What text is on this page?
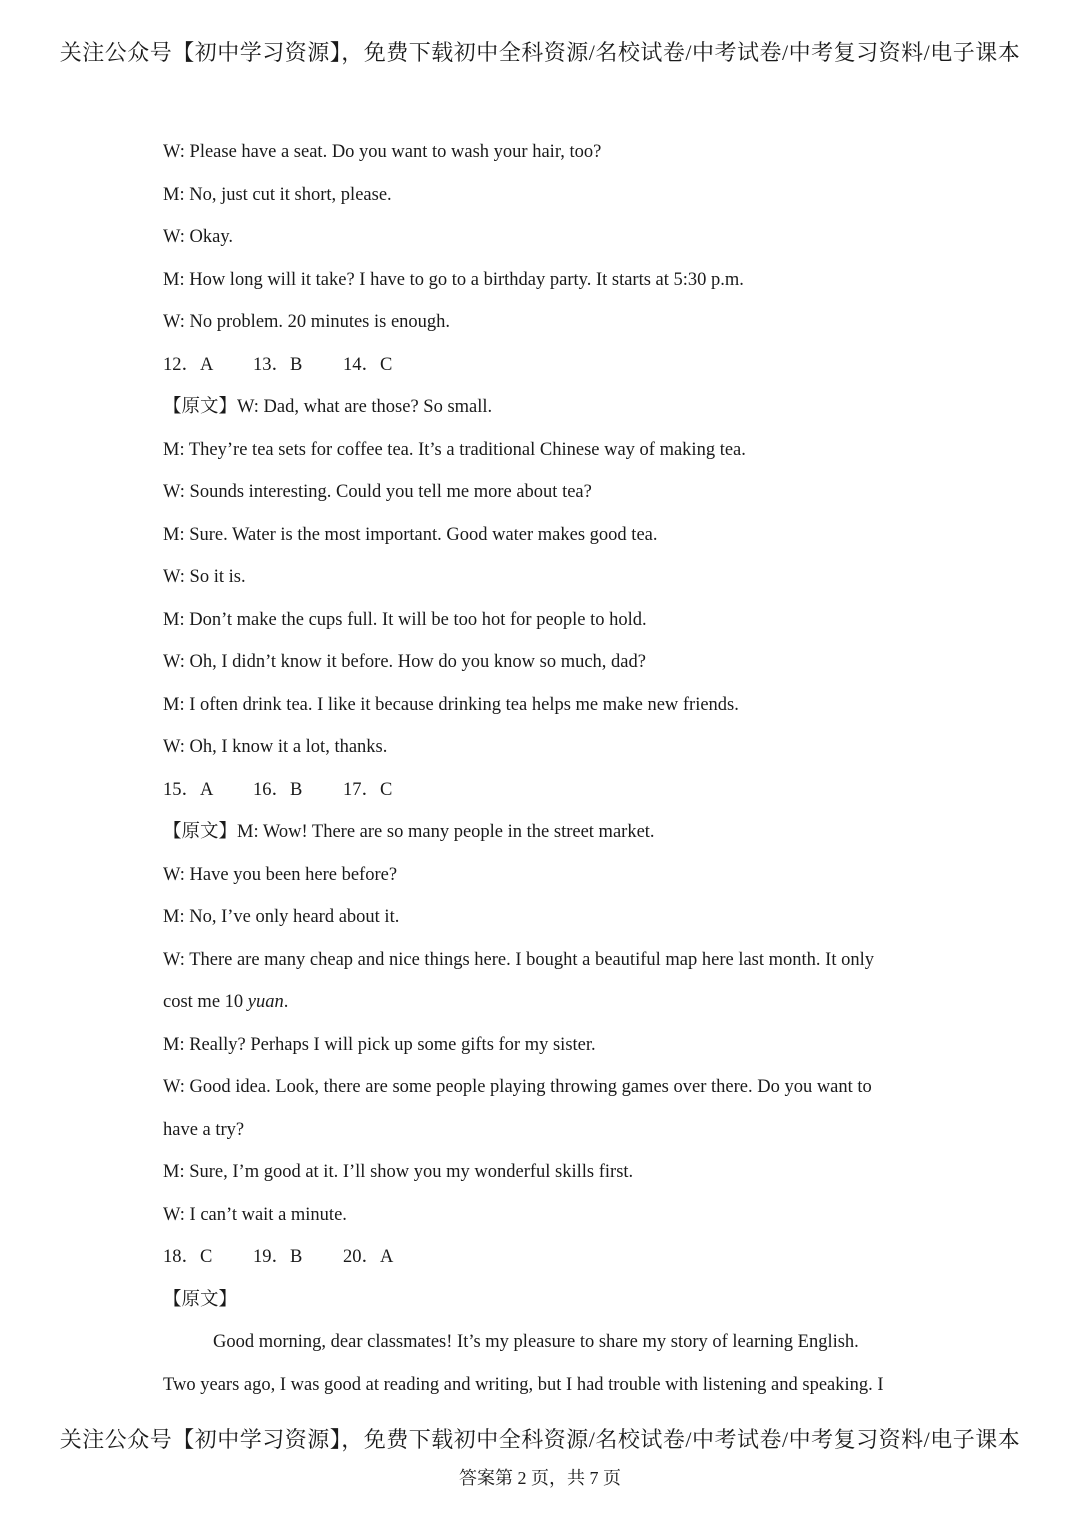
关注公众号【初中学习资源】，免费下载初中全科资源/名校试卷/中考试卷/中考复习资料/电子课本
W: Please have a seat. Do you want to wash your hair, too?
M: No, just cut it short, please.
W: Okay.
M: How long will it take? I have to go to a birthday party. It starts at 5:30 p.m.
W: No problem. 20 minutes is enough.
12．A 13．B 14．C
【原文】W: Dad, what are those? So small.
M: They’re tea sets for coffee tea. It’s a traditional Chinese way of making tea.
W: Sounds interesting. Could you tell me more about tea?
M: Sure. Water is the most important. Good water makes good tea.
W: So it is.
M: Don’t make the cups full. It will be too hot for people to hold.
W: Oh, I didn’t know it before. How do you know so much, dad?
M: I often drink tea. I like it because drinking tea helps me make new friends.
W: Oh, I know it a lot, thanks.
15．A 16．B 17．C
【原文】M: Wow! There are so many people in the street market.
W: Have you been here before?
M: No, I’ve only heard about it.
W: There are many cheap and nice things here. I bought a beautiful map here last month. It only
cost me 10 yuan.
M: Really? Perhaps I will pick up some gifts for my sister.
W: Good idea. Look, there are some people playing throwing games over there. Do you want to
have a try?
M: Sure, I’m good at it. I’ll show you my wonderful skills first.
W: I can’t wait a minute.
18．C 19．B 20．A
【原文】
Good morning, dear classmates! It’s my pleasure to share my story of learning English.
Two years ago, I was good at reading and writing, but I had trouble with listening and speaking. I
关注公众号【初中学习资源】，免费下载初中全科资源/名校试卷/中考试卷/中考复习资料/电子课本
答案第 2 页，共 7 页
